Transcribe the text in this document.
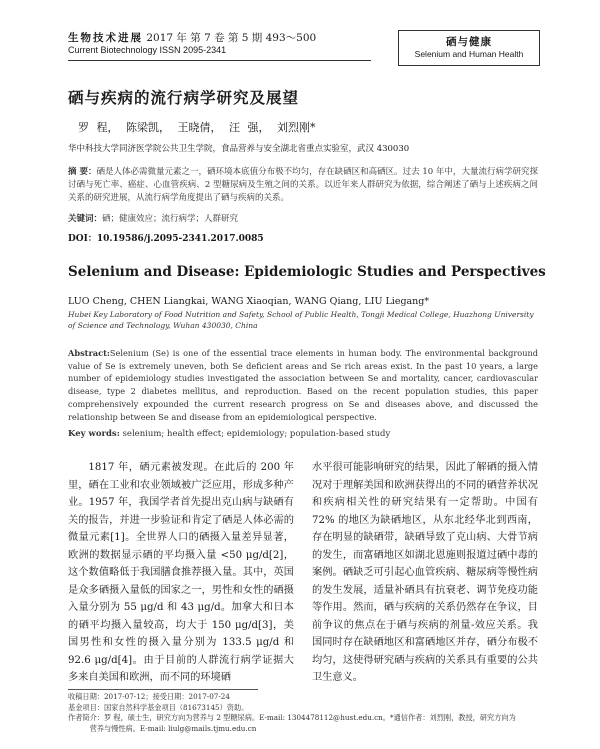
生物技术进展 2017 年 第 7 卷 第 5 期 493～500
Current Biotechnology ISSN 2095-2341
硒与健康
Selenium and Human Health
硒与疾病的流行病学研究及展望
罗 程， 陈梁凯， 王晓倩， 汪 强， 刘烈刚*
华中科技大学同济医学院公共卫生学院，食品营养与安全湖北省重点实验室，武汉 430030
摘 要：硒是人体必需微量元素之一，硒环境本底值分布极不均匀，存在缺硒区和高硒区。过去 10 年中，大量流行病学研究探讨硒与死亡率、癌症、心血管疾病、2 型糖尿病及生殖之间的关系。以近年来人群研究为依据，综合阐述了硒与上述疾病之间关系的研究进展，从流行病学角度提出了硒与疾病的关系。
关键词：硒；健康效应；流行病学；人群研究
DOI：10.19586/j.2095-2341.2017.0085
Selenium and Disease: Epidemiologic Studies and Perspectives
LUO Cheng, CHEN Liangkai, WANG Xiaoqian, WANG Qiang, LIU Liegang*
Hubei Key Laboratory of Food Nutrition and Safety, School of Public Health, Tongji Medical College, Huazhong University of Science and Technology, Wuhan 430030, China
Abstract:Selenium (Se) is one of the essential trace elements in human body. The environmental background value of Se is extremely uneven, both Se deficient areas and Se rich areas exist. In the past 10 years, a large number of epidemiology studies investigated the association between Se and mortality, cancer, cardiovascular disease, type 2 diabetes mellitus, and reproduction. Based on the recent population studies, this paper comprehensively expounded the current research progress on Se and diseases above, and discussed the relationship between Se and disease from an epidemiological perspective.
Key words: selenium; health effect; epidemiology; population-based study

1817 年，硒元素被发现。在此后的 200 年里，硒在工业和农业领域被广泛应用，形成多种产业。1957 年，我国学者首先提出克山病与缺硒有关的报告，并进一步验证和肯定了硒是人体必需的微量元素[1]。全世界人口的硒摄入量差异显著，欧洲的数据显示硒的平均摄入量 <50 μg/d[2]，这个数值略低于我国膳食推荐摄入量。其中，英国是众多硒摄入量低的国家之一，男性和女性的硒摄入量分别为 55 μg/d 和 43 μg/d。加拿大和日本的硒平均摄入量较高，均大于 150 μg/d[3]，美国男性和女性的摄入量分别为 133.5 μg/d 和 92.6 μg/d[4]。由于目前的人群流行病学证据大多来自美国和欧洲，而不同的环境硒

水平很可能影响研究的结果，因此了解硒的摄入情况对于理解美国和欧洲获得出的不同的硒营养状况和疾病相关性的研究结果有一定帮助。中国有 72% 的地区为缺硒地区，从东北经华北到西南，存在明显的缺硒带，缺硒导致了克山病、大骨节病的发生，而富硒地区如湖北恩施则报道过硒中毒的案例。硒缺乏可引起心血管疾病、糖尿病等慢性病的发生发展，适量补硒具有抗衰老、调节免疫功能等作用。然而，硒与疾病的关系仍然存在争议，目前争议的焦点在于硒与疾病的剂量-效应关系。我国同时存在缺硒地区和富硒地区并存，硒分布极不均匀，这使得研究硒与疾病的关系具有重要的公共卫生意义。

收稿日期：2017-07-12；接受日期：2017-07-24
基金项目：国家自然科学基金项目（81673145）资助。
作者简介：罗 程，硕士生，研究方向为营养与 2 型糖尿病。E-mail: 1304478112@hust.edu.cn。*通信作者：刘烈刚，教授，研究方向为
营养与慢性病。E-mail: liulg@mails.tjmu.edu.cn
